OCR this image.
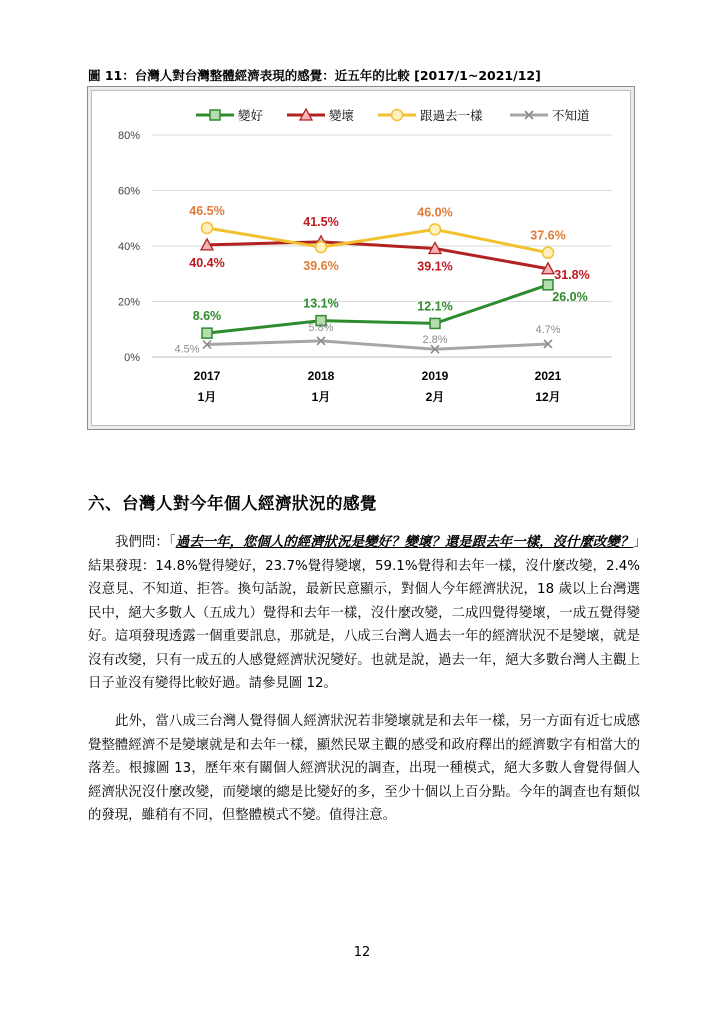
圖 11：台灣人對台灣整體經濟表現的感覺：近五年的比較 [2017/1~2021/12]
0%
20%
40%
60%
80%
2017
1月
2018
1月
2019
2月
2021
12月
8.6%
13.1%	12.1%
26.0%
40.4%
41.5%
39.1%
31.8%
46.5%
39.6%
46.0%
37.6%
4.5%
5.8%
2.8%
4.7%
變好	變壞	跟過去一樣	不知道
六、台灣人對今年個人經濟狀況的感覺
我們問：「過去一年，您個人的經濟狀況是變好？變壞？還是跟去年一樣，沒什麼改變？」結果發現：14.8%覺得變好，23.7%覺得變壞，59.1%覺得和去年一樣，沒什麼改變，2.4%沒意見、不知道、拒答。換句話說，最新民意顯示，對個人今年經濟狀況，18 歲以上台灣選民中，絕大多數人（五成九）覺得和去年一樣，沒什麼改變，二成四覺得變壞，一成五覺得變好。這項發現透露一個重要訊息，那就是，八成三台灣人過去一年的經濟狀況不是變壞，就是沒有改變，只有一成五的人感覺經濟狀況變好。也就是說，過去一年，絕大多數台灣人主觀上日子並沒有變得比較好過。請參見圖 12。
此外，當八成三台灣人覺得個人經濟狀況若非變壞就是和去年一樣，另一方面有近七成感覺整體經濟不是變壞就是和去年一樣，顯然民眾主觀的感受和政府釋出的經濟數字有相當大的落差。根據圖 13，歷年來有關個人經濟狀況的調查，出現一種模式，絕大多數人會覺得個人經濟狀況沒什麼改變，而變壞的總是比變好的多，至少十個以上百分點。今年的調查也有類似的發現，雖稍有不同，但整體模式不變。值得注意。
12
